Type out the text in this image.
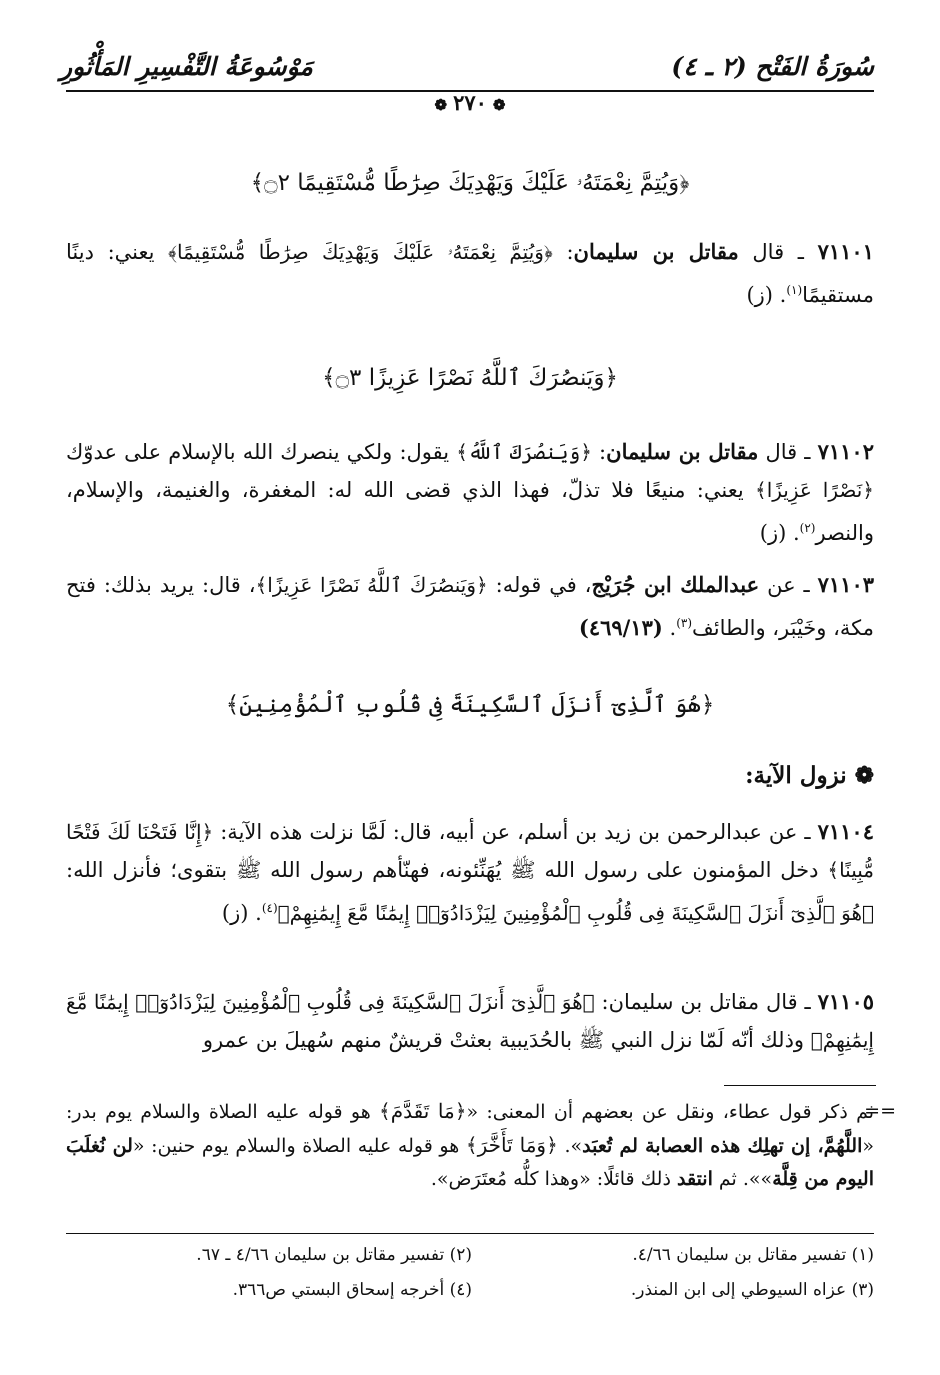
سُورَةُ الفَتْح (٢ ـ ٤)
مَوْسُوعَةُ التَّفْسِيرِ المَأْثُورِ
❁٢٧٠❁
﴿وَيُتِمَّ نِعْمَتَهُۥ عَلَيْكَ وَيَهْدِيَكَ صِرَٰطًا مُّسْتَقِيمًا ۝٢﴾
٧١١٠١ ـ قال مقاتل بن سليمان: ﴿وَيُتِمَّ نِعْمَتَهُۥ عَلَيْكَ وَيَهْدِيَكَ صِرَٰطًا مُّسْتَقِيمًا﴾ يعني: دينًا مستقيمًا$^{(١)}$. (ز)
﴿وَيَنصُرَكَ ٱللَّهُ نَصْرًا عَزِيزًا ۝٣﴾
٧١١٠٢ ـ قال مقاتل بن سليمان: ﴿وَيَنصُرَكَ ٱللَّهُ﴾ يقول: ولكي ينصرك الله بالإسلام على عدوّك ﴿نَصْرًا عَزِيزًا﴾ يعني: منيعًا فلا تذلّ، فهذا الذي قضى الله له: المغفرة، والغنيمة، والإسلام، والنصر$^{(٢)}$. (ز)
٧١١٠٣ ـ عن عبدالملك ابن جُرَيْج، في قوله: ﴿وَيَنصُرَكَ ٱللَّهُ نَصْرًا عَزِيزًا﴾، قال: يريد بذلك: فتح مكة، وخَيْبَر، والطائف$^{(٣)}$. (٤٦٩/١٣)
﴿هُوَ ٱلَّذِىٓ أَنزَلَ ٱلسَّكِينَةَ فِى قُلُوبِ ٱلْمُؤْمِنِينَ﴾
❁ نزول الآية:
٧١١٠٤ ـ عن عبدالرحمن بن زيد بن أسلم، عن أبيه، قال: لَمَّا نزلت هذه الآية: ﴿إِنَّا فَتَحْنَا لَكَ فَتْحًا مُّبِينًا﴾ دخل المؤمنون على رسول الله ﷺ يُهَنِّئونه، فهنّأهم رسول الله ﷺ بتقوى؛ فأنزل الله: ﴿هُوَ ٱلَّذِىٓ أَنزَلَ ٱلسَّكِينَةَ فِى قُلُوبِ ٱلْمُؤْمِنِينَ لِيَزْدَادُوٓا۟ إِيمَٰنًا مَّعَ إِيمَٰنِهِمْ﴾$^{(٤)}$. (ز)
٧١١٠٥ ـ قال مقاتل بن سليمان: ﴿هُوَ ٱلَّذِىٓ أَنزَلَ ٱلسَّكِينَةَ فِى قُلُوبِ ٱلْمُؤْمِنِينَ لِيَزْدَادُوٓا۟ إِيمَٰنًا مَّعَ إِيمَٰنِهِمْ﴾ وذلك أنّه لَمّا نزل النبي ﷺ بالحُدَيبية بعثتْ قريشٌ منهم سُهيلَ بن عمرو
==
ثم ذكر قول عطاء، ونقل عن بعضهم أن المعنى: «﴿مَا تَقَدَّمَ﴾ هو قوله عليه الصلاة والسلام يوم بدر: «اللَّهُمَّ، إن تهلِك هذه العصابة لم تُعبَد». ﴿وَمَا تَأَخَّرَ﴾ هو قوله عليه الصلاة والسلام يوم حنين: «لن نُغلَبَ اليوم من قِلَّة»». ثم انتقد ذلك قائلًا: «وهذا كلُّه مُعتَرَض».
(١) تفسير مقاتل بن سليمان ٤/٦٦.
(٢) تفسير مقاتل بن سليمان ٤/٦٦ ـ ٦٧.
(٣) عزاه السيوطي إلى ابن المنذر.
(٤) أخرجه إسحاق البستي ص٣٦٦.
